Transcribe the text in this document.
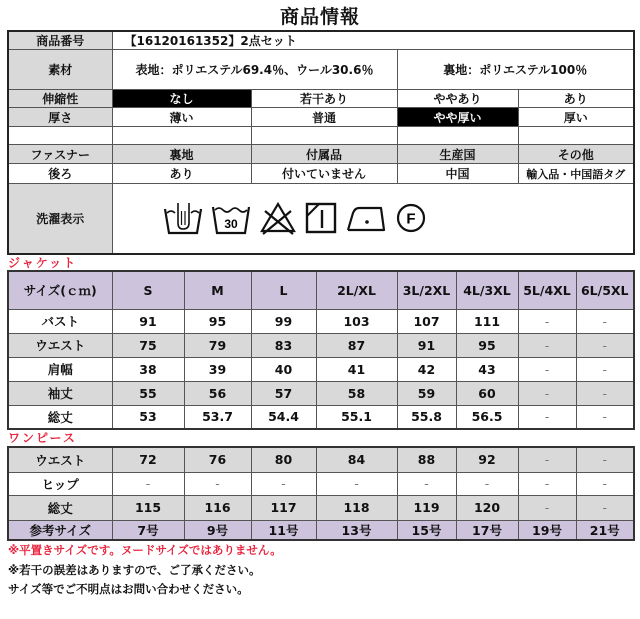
商品情報
商品番号	【16120161352】2点セット			
素材	表地：ポリエステル69.4％、ウール30.6％		裏地：ポリエステル100％	
伸縮性	なし	若干あり	ややあり	あり
厚さ	薄い	普通	やや厚い	厚い

ファスナー	裏地	付属品	生産国	その他
後ろ	あり	付いていません	中国	輸入品・中国語タグ
洗濯表示	30 F			
ジャケット
サイズ(ｃｍ)	S	M	L	2L/XL	3L/2XL	4L/3XL	5L/4XL	6L/5XL
バスト	91	95	99	103	107	111	-	-
ウエスト	75	79	83	87	91	95	-	-
肩幅	38	39	40	41	42	43	-	-
袖丈	55	56	57	58	59	60	-	-
総丈	53	53.7	54.4	55.1	55.8	56.5	-	-
ワンピース
ウエスト	72	76	80	84	88	92	-	-
ヒップ	-	-	-	-	-	-	-	-
総丈	115	116	117	118	119	120	-	-
参考サイズ	7号	9号	11号	13号	15号	17号	19号	21号
※平置きサイズです。ヌードサイズではありません。
※若干の誤差はありますので、ご了承ください。
サイズ等でご不明点はお問い合わせください。
